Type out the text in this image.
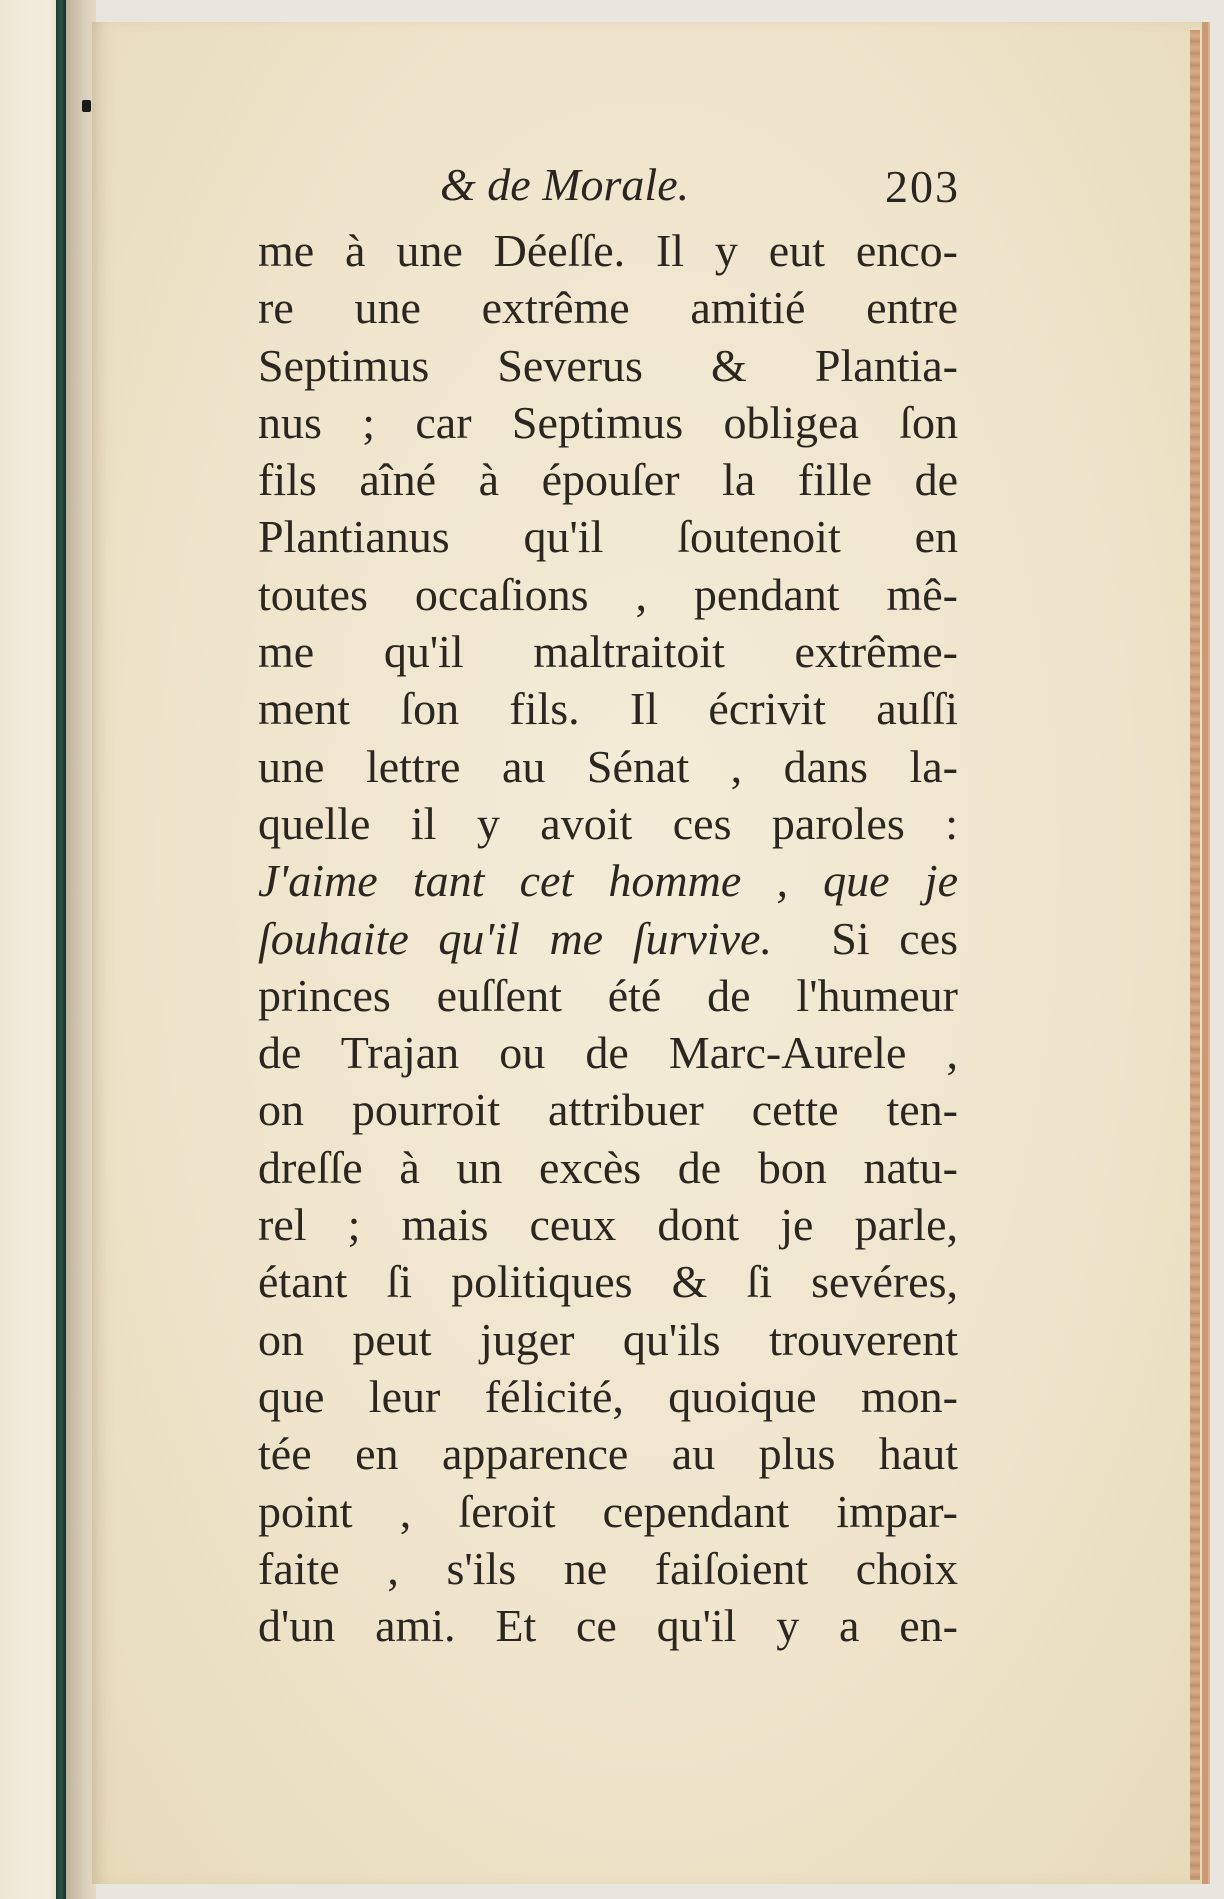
& de Morale.	203
me à une Déeſſe. Il y eut enco-
re une extrême amitié entre
Septimus Severus & Plantia-
nus ; car Septimus obligea ſon
fils aîné à épouſer la fille de
Plantianus qu'il ſoutenoit en
toutes occaſions , pendant mê-
me qu'il maltraitoit extrême-
ment ſon fils. Il écrivit auſſi
une lettre au Sénat , dans la-
quelle il y avoit ces paroles :
J'aime tant cet homme , que je
ſouhaite qu'il me ſurvive. Si ces
princes euſſent été de l'humeur
de Trajan ou de Marc-Aurele ,
on pourroit attribuer cette ten-
dreſſe à un excès de bon natu-
rel ; mais ceux dont je parle,
étant ſi politiques & ſi sevéres,
on peut juger qu'ils trouverent
que leur félicité, quoique mon-
tée en apparence au plus haut
point , ſeroit cependant impar-
faite , s'ils ne faiſoient choix
d'un ami. Et ce qu'il y a en-
